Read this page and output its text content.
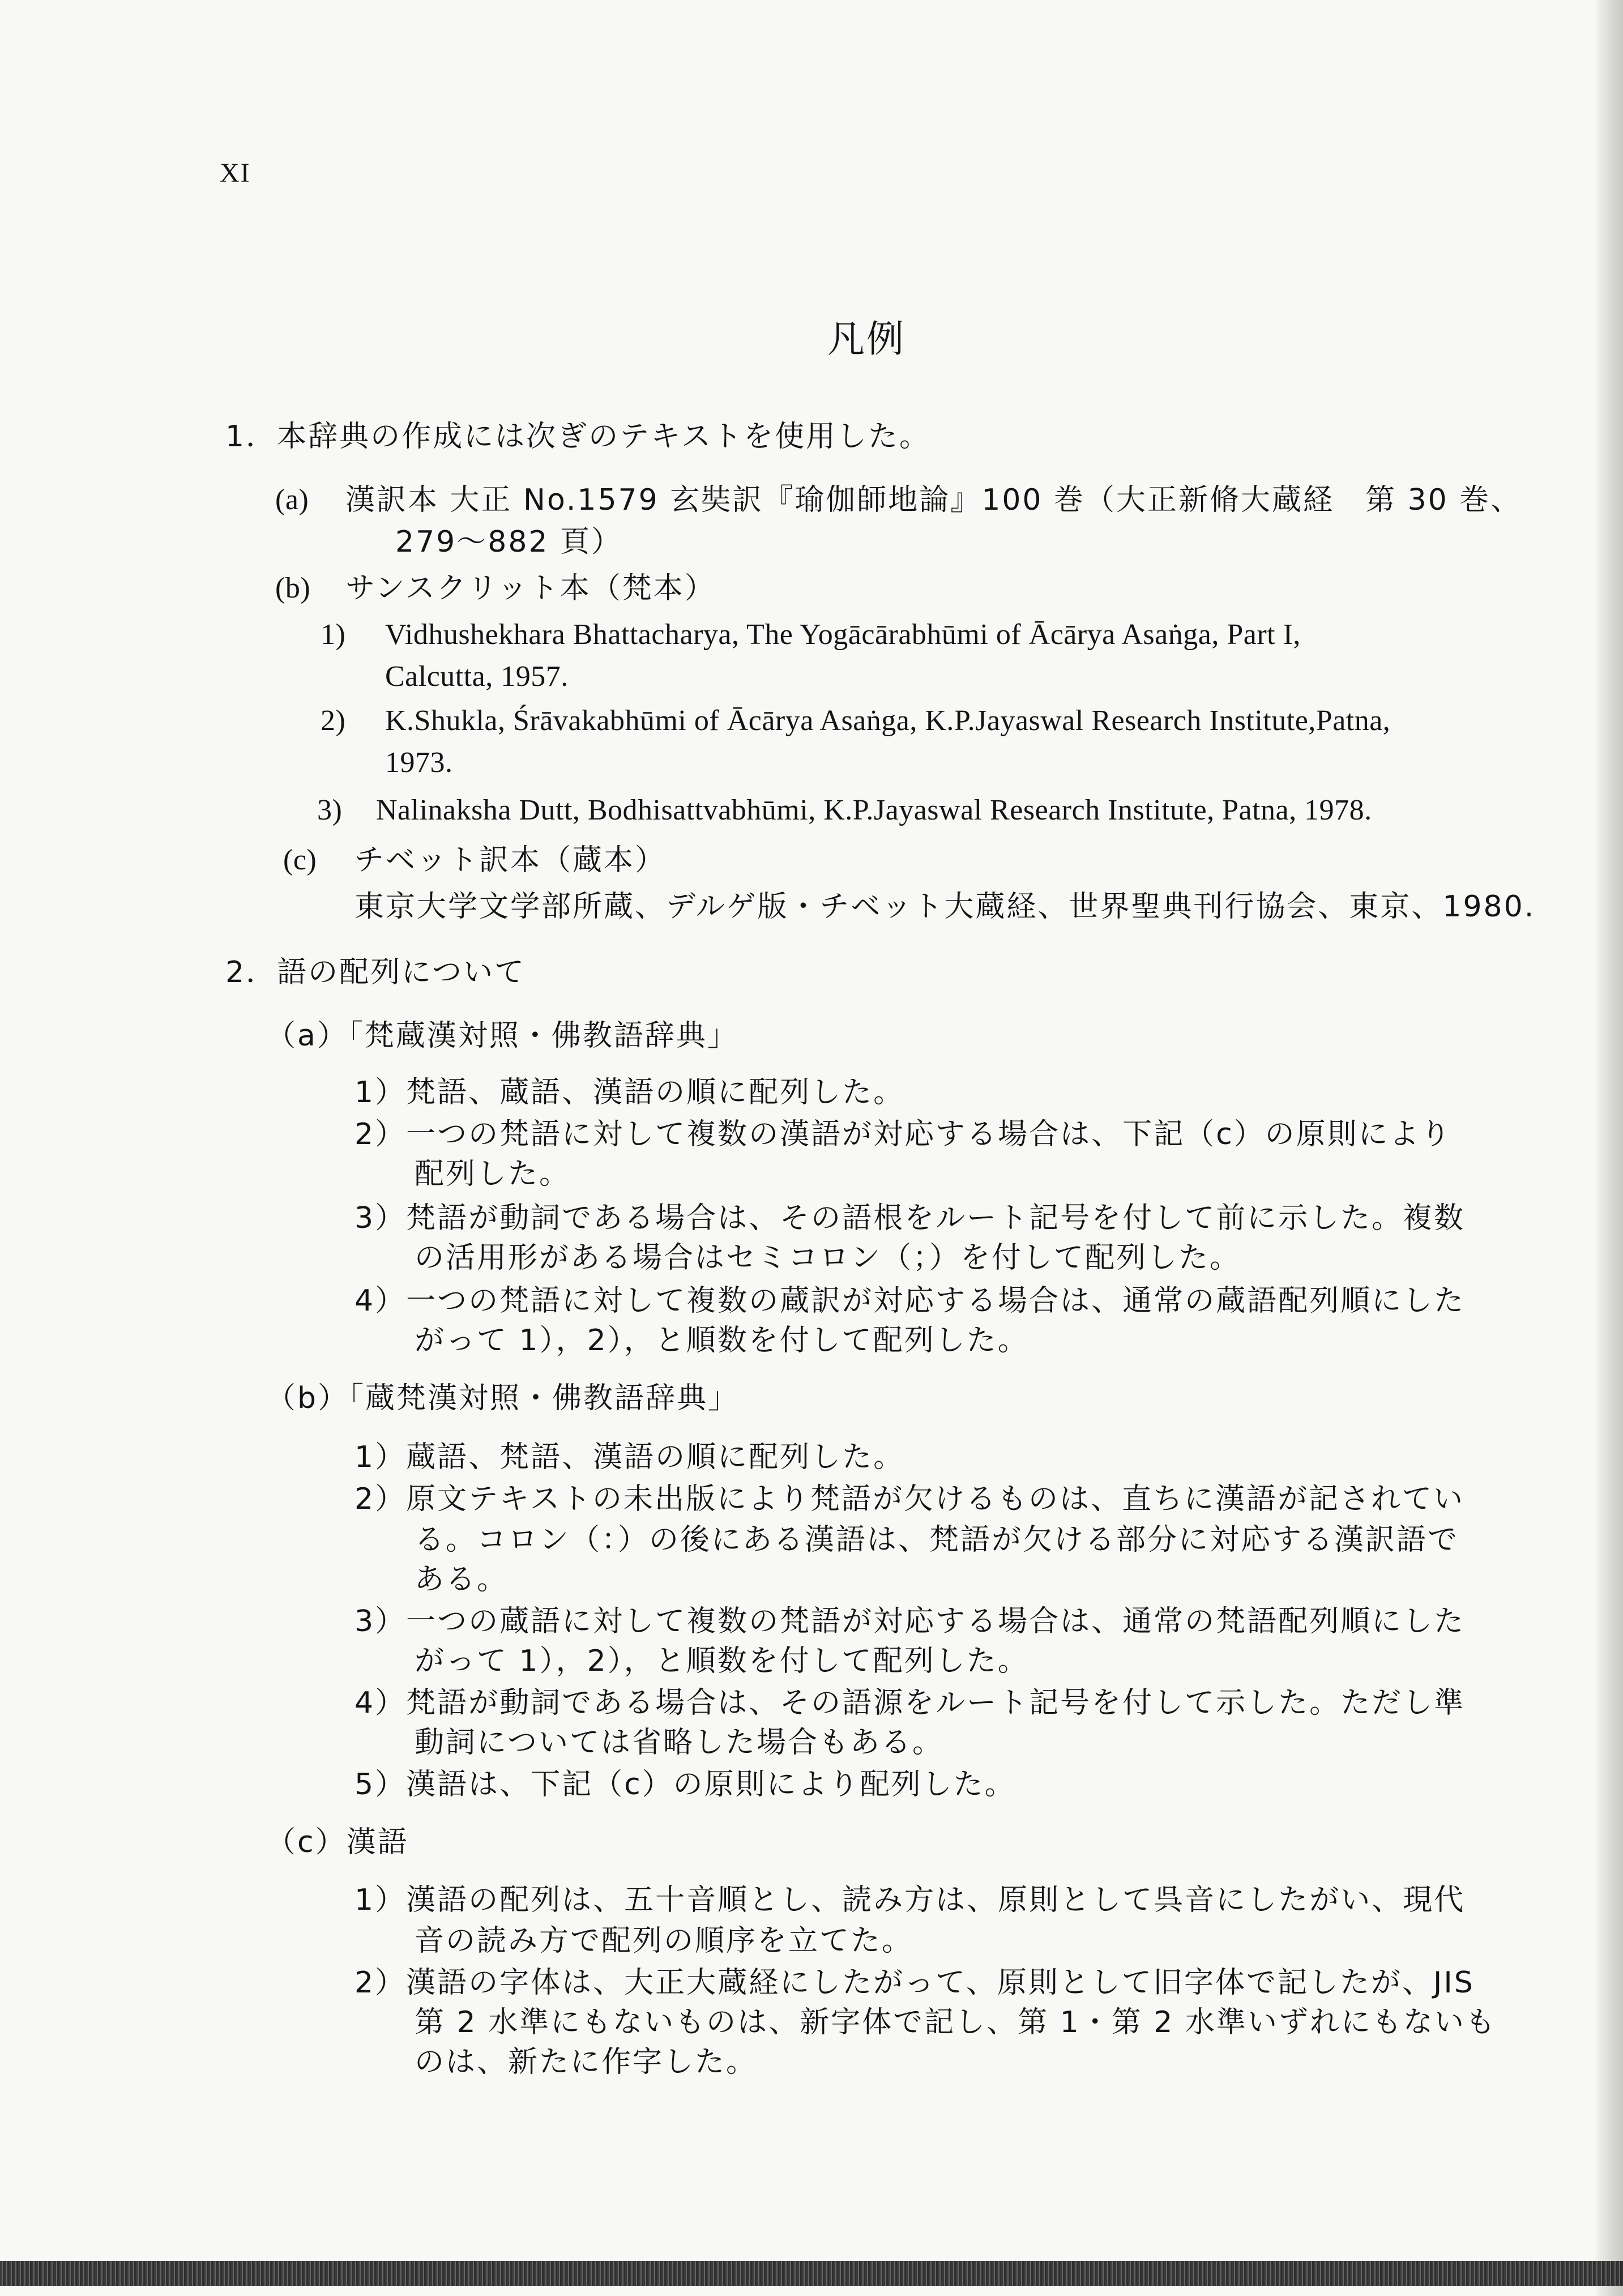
XI
凡例
1．本辞典の作成には次ぎのテキストを使用した。
(a) 漢訳本 大正 No.1579 玄奘訳『瑜伽師地論』100 巻（大正新脩大蔵経　第 30 巻、
279～882 頁）
(b) サンスクリット本（梵本）
1) Vidhushekhara Bhattacharya, The Yogācārabhūmi of Ācārya Asaṅga, Part I,
Calcutta, 1957.
2) K.Shukla, Śrāvakabhūmi of Ācārya Asaṅga, K.P.Jayaswal Research Institute,Patna,
1973.
3) Nalinaksha Dutt, Bodhisattvabhūmi, K.P.Jayaswal Research Institute, Patna, 1978.
(c) チベット訳本（蔵本）
東京大学文学部所蔵、デルゲ版・チベット大蔵経、世界聖典刊行協会、東京、1980.
2．語の配列について
（a）「梵蔵漢対照・佛教語辞典」
1）梵語、蔵語、漢語の順に配列した。
2）一つの梵語に対して複数の漢語が対応する場合は、下記（c）の原則により
配列した。
3）梵語が動詞である場合は、その語根をルート記号を付して前に示した。複数
の活用形がある場合はセミコロン（；）を付して配列した。
4）一つの梵語に対して複数の蔵訳が対応する場合は、通常の蔵語配列順にした
がって 1），2），と順数を付して配列した。
（b）「蔵梵漢対照・佛教語辞典」
1）蔵語、梵語、漢語の順に配列した。
2）原文テキストの未出版により梵語が欠けるものは、直ちに漢語が記されてい
る。コロン（：）の後にある漢語は、梵語が欠ける部分に対応する漢訳語で
ある。
3）一つの蔵語に対して複数の梵語が対応する場合は、通常の梵語配列順にした
がって 1），2），と順数を付して配列した。
4）梵語が動詞である場合は、その語源をルート記号を付して示した。ただし準
動詞については省略した場合もある。
5）漢語は、下記（c）の原則により配列した。
（c）漢語
1）漢語の配列は、五十音順とし、読み方は、原則として呉音にしたがい、現代
音の読み方で配列の順序を立てた。
2）漢語の字体は、大正大蔵経にしたがって、原則として旧字体で記したが、JIS
第 2 水準にもないものは、新字体で記し、第 1・第 2 水準いずれにもないも
のは、新たに作字した。
